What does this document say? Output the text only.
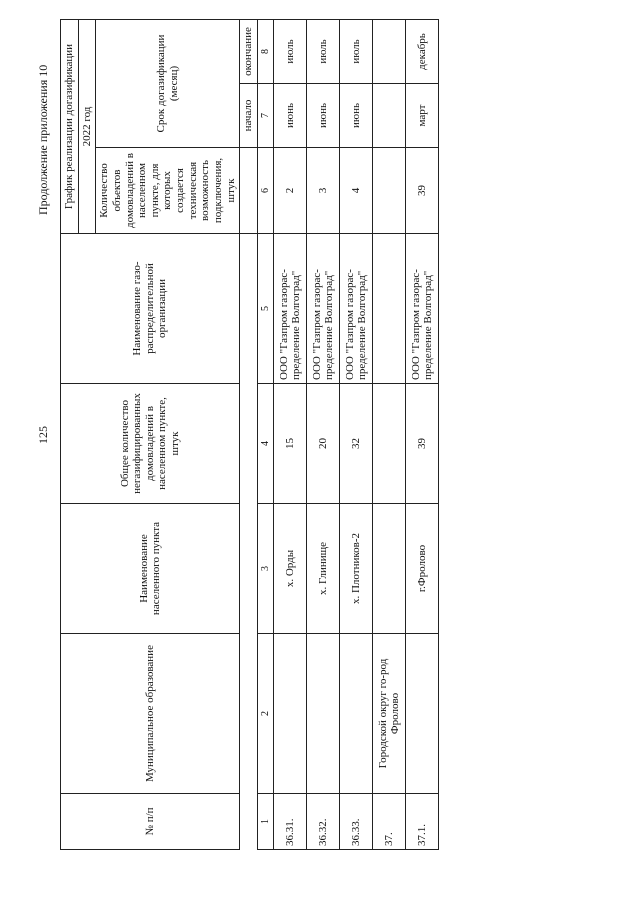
125
Продолжение приложения 10
№ п/п	Муниципальное образование	Наименование населенного пункта	Общее количество негазифицированных домовладений в населенном пункте, штук	Наименование газо-распределительной организации	График реализации догазификации		
					2022 год		
					Количество объектов домовладений в населенном пункте, для которых создается техническая возможность подключения, штук	Срок догазификации (месяц)	
						начало	окончание
1	2	3	4	5	6	7	8
36.31.		х. Орды	15	ООО "Газпром газорас-пределение Волгоград"	2	июнь	июль
36.32.		х. Глинище	20	ООО "Газпром газорас-пределение Волгоград"	3	июнь	июль
36.33.		х. Плотников-2	32	ООО "Газпром газорас-пределение Волгоград"	4	июнь	июль
37.	Городской округ го-род Фролово						
37.1.		г.Фролово	39	ООО "Газпром газорас-пределение Волгоград"	39	март	декабрь
